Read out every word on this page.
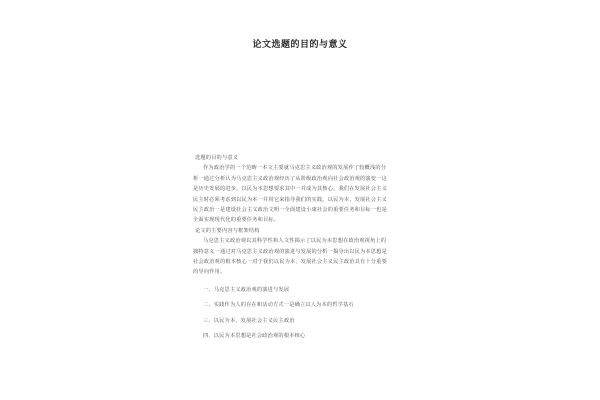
论文选题的目的与意义
选题的目的与意义
作为政治学的一个范畴一本文主要就马克思主义政治观的发展作了较概浅的分
析一通过分析认为马克思主义政治观经历了从阶级政治观向社会政治观的演变一这
是历史发展的进步。以民为本思想要求其中一并成为其核心。我们在发展社会主义
民主时必须考虑到以民为本一并用它来指导我们的实践。以民为本、发展社会主义
民主政治一是建设社会主义政治文明一全面建设小康社会的重要任务和目标一也是
全面实现现代化的重要任务和目标。
论文的主要内容与框架结构
马克思主义政治观以其科学性和人文性揭示了以民为本思想在政治观视角上的
独特意义一通过对马克思主义政治观的演进与发展的分析一揭导出以民为本思想是
社会政治观的根本核心一对于我们以民为本、发展社会主义民主政治具有十分重要
的导向作用。
一、马克思主义政治观的演进与发展
二、实践作为人的存在和活动方式一是确立以人为本的哲学基石
三、以民为本、发展社会主义民主政治
四、以民为本思想是社会政治观的根本核心
